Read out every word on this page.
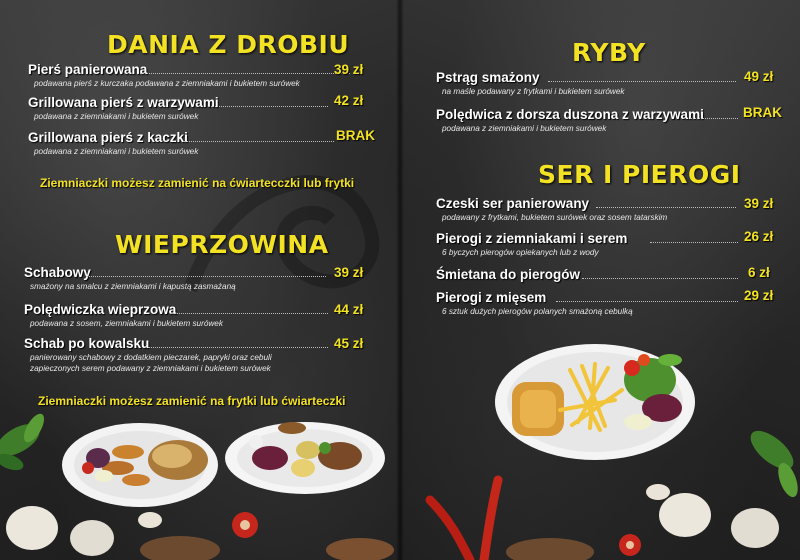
DANIA Z DROBIU
Pierś panierowana	39 zł
podawana pierś z kurczaka podawana z ziemniakami i bukietem surówek
Grillowana pierś z warzywami	42 zł
podawana z ziemniakami i bukietem surówek
Grillowana pierś z kaczki	BRAK
podawana z ziemniakami i bukietem surówek
Ziemniaczki możesz zamienić na ćwiartecczki lub frytki
WIEPRZOWINA
Schabowy	39 zł
smażony na smalcu z ziemniakami i kapustą zasmażaną
Polędwiczka wieprzowa	44 zł
podawana z sosem, ziemniakami i bukietem surówek
Schab po kowalsku	45 zł
panierowany schabowy z dodatkiem pieczarek, papryki oraz cebuli
zapieczonych serem podawany z ziemniakami i bukietem surówek
Ziemniaczki możesz zamienić na frytki lub ćwiarteczki
RYBY
Pstrąg smażony	49 zł
na maśle podawany z frytkami i bukietem surówek
Polędwica z dorsza duszona z warzywami	BRAK
podawana z ziemniakami i bukietem surówek
SER I PIEROGI
Czeski ser panierowany	39 zł
podawany z frytkami, bukietem surówek oraz sosem tatarskim
Pierogi z ziemniakami i serem	26 zł
6 byczych pierogów opiekanych lub z wody
Śmietana do pierogów	6 zł
Pierogi z mięsem	29 zł
6 sztuk dużych pierogów polanych smażoną cebulką
